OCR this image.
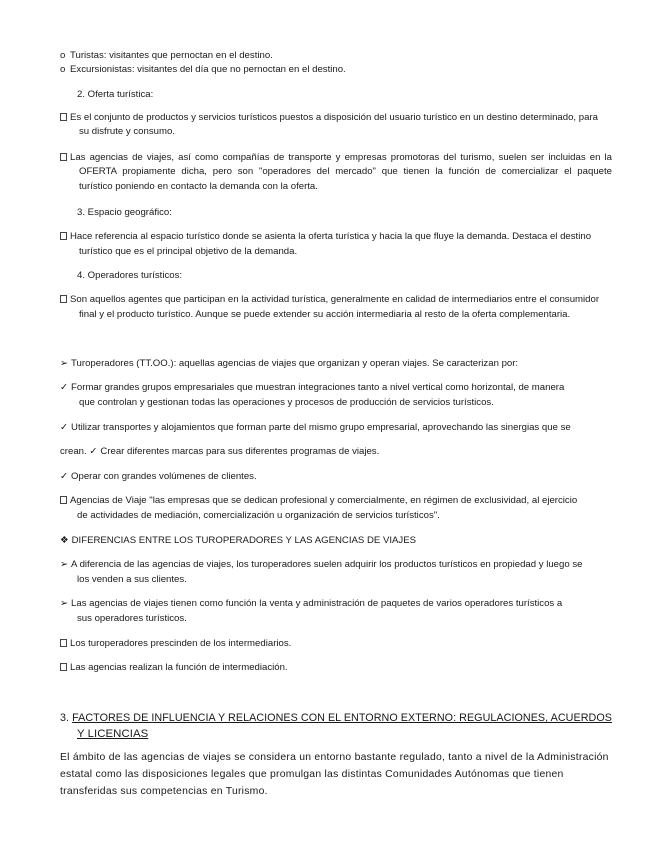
o Turistas: visitantes que pernoctan en el destino.
o Excursionistas: visitantes del día que no pernoctan en el destino.
2. Oferta turística:
Es el conjunto de productos y servicios turísticos puestos a disposición del usuario turístico en un destino determinado, para
su disfrute y consumo.
Las agencias de viajes, así como compañías de transporte y empresas promotoras del turismo, suelen ser incluidas en la
OFERTA propiamente dicha, pero son "operadores del mercado" que tienen la función de comercializar el paquete
turístico poniendo en contacto la demanda con la oferta.
3. Espacio geográfico:
Hace referencia al espacio turístico donde se asienta la oferta turística y hacia la que fluye la demanda. Destaca el destino
turístico que es el principal objetivo de la demanda.
4. Operadores turísticos:
Son aquellos agentes que participan en la actividad turística, generalmente en calidad de intermediarios entre el consumidor
final y el producto turístico. Aunque se puede extender su acción intermediaria al resto de la oferta complementaria.
➢ Turoperadores (TT.OO.): aquellas agencias de viajes que organizan y operan viajes. Se caracterizan por:
✓ Formar grandes grupos empresariales que muestran integraciones tanto a nivel vertical como horizontal, de manera
que controlan y gestionan todas las operaciones y procesos de producción de servicios turísticos.
✓ Utilizar transportes y alojamientos que forman parte del mismo grupo empresarial, aprovechando las sinergias que se
crean. ✓ Crear diferentes marcas para sus diferentes programas de viajes.
✓ Operar con grandes volúmenes de clientes.
Agencias de Viaje "las empresas que se dedican profesional y comercialmente, en régimen de exclusividad, al ejercicio
de actividades de mediación, comercialización u organización de servicios turísticos".
❖ DIFERENCIAS ENTRE LOS TUROPERADORES Y LAS AGENCIAS DE VIAJES
➢ A diferencia de las agencias de viajes, los turoperadores suelen adquirir los productos turísticos en propiedad y luego se
los venden a sus clientes.
➢ Las agencias de viajes tienen como función la venta y administración de paquetes de varios operadores turísticos a
sus operadores turísticos.
Los turoperadores prescinden de los intermediarios.
Las agencias realizan la función de intermediación.
3. FACTORES DE INFLUENCIA Y RELACIONES CON EL ENTORNO EXTERNO: REGULACIONES, ACUERDOS
Y LICENCIAS
El ámbito de las agencias de viajes se considera un entorno bastante regulado, tanto a nivel de la Administración
estatal como las disposiciones legales que promulgan las distintas Comunidades Autónomas que tienen
transferidas sus competencias en Turismo.
